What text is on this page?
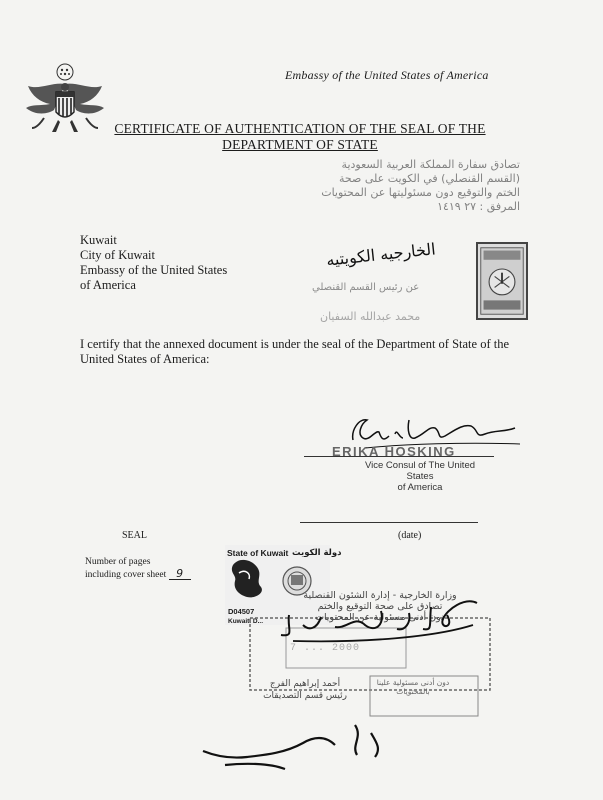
Embassy of the United States of America
CERTIFICATE OF AUTHENTICATION OF THE SEAL OF THE
DEPARTMENT OF STATE
تصادق سفارة المملكة العربية السعودية
(القسم القنصلي) في الكويت على صحة
الختم والتوقيع دون مسئوليتها عن المحتويات
المرفق : ٢٧ ١٤١٩
Kuwait
City of Kuwait
Embassy of the United States
of America
الخارجيه الكويتيه
عن رئيس القسم القنصلي
محمد عبدالله السفيان
I certify that the annexed document is under the seal of the Department of State of the United States of America:
ERIKA HOSKING
Vice Consul of The United States
of America
SEAL	(date)
Number of pages
including cover sheet 9
State of Kuwait دولة الكويت
D04507
Kuwaiti D...
وزارة الخارجية - إدارة الشئون القنصلية
تصادق على صحة التوقيع والختم
دون أدنى مسئولية عن المحتويات
7 ... 2000
أحمد إبراهيم الفرج
رئيس قسم التصديقات
دون أدنى مسئولية علينا بالمحتويات
